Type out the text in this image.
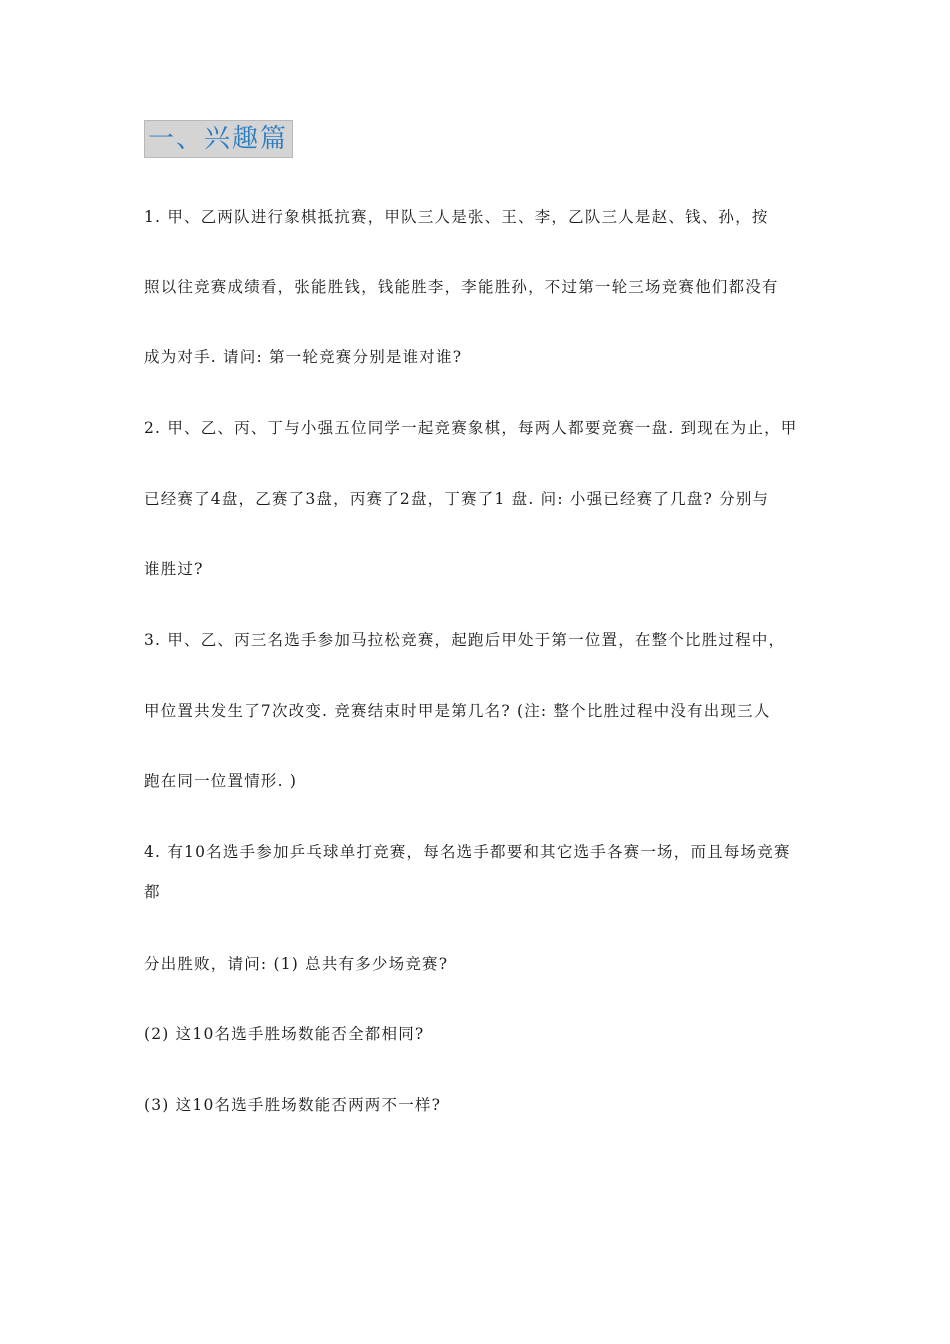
一、兴趣篇
1. 甲、乙两队进行象棋抵抗赛，甲队三人是张、王、李，乙队三人是赵、钱、孙，按
照以往竞赛成绩看，张能胜钱，钱能胜李，李能胜孙，不过第一轮三场竞赛他们都没有
成为对手. 请问: 第一轮竞赛分别是谁对谁?
2. 甲、乙、丙、丁与小强五位同学一起竞赛象棋，每两人都要竞赛一盘. 到现在为止，甲
已经赛了4盘，乙赛了3盘，丙赛了2盘，丁赛了1 盘. 问: 小强已经赛了几盘? 分别与
谁胜过?
3. 甲、乙、丙三名选手参加马拉松竞赛，起跑后甲处于第一位置，在整个比胜过程中，
甲位置共发生了7次改变. 竞赛结束时甲是第几名? (注: 整个比胜过程中没有出现三人
跑在同一位置情形. )
4. 有10名选手参加乒乓球单打竞赛，每名选手都要和其它选手各赛一场，而且每场竞赛
都
分出胜败，请问: (1) 总共有多少场竞赛?
(2) 这10名选手胜场数能否全都相同?
(3) 这10名选手胜场数能否两两不一样?
